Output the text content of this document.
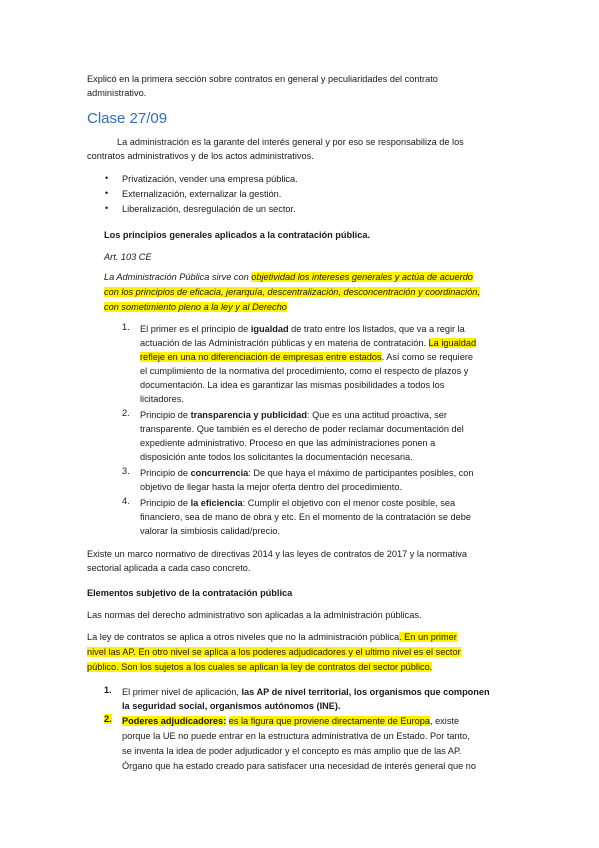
Explicó en la primera sección sobre contratos en general y peculiaridades del contrato
administrativo.
Clase 27/09
La administración es la garante del interés general y por eso se responsabiliza de los
contratos administrativos y de los actos administrativos.
• Privatización, vender una empresa pública.
• Externalización, externalizar la gestión.
• Liberalización, desregulación de un sector.
Los principios generales aplicados a la contratación pública.
Art. 103 CE
La Administración Pública sirve con objetividad los intereses generales y actúa de acuerdo
con los principios de eficacia, jerarquía, descentralización, desconcentración y coordinación,
con sometimiento pleno a la ley y al Derecho
1. El primer es el principio de igualdad de trato entre los listados, que va a regir la
actuación de las Administración públicas y en materia de contratación. La igualdad
refleje en una no diferenciación de empresas entre estados. Así como se requiere
el cumplimiento de la normativa del procedimiento, como el respecto de plazos y
documentación. La idea es garantizar las mismas posibilidades a todos los
licitadores.
2. Principio de transparencia y publicidad: Que es una actitud proactiva, ser
transparente. Que también es el derecho de poder reclamar documentación del
expediente administrativo. Proceso en que las administraciones ponen a
disposición ante todos los solicitantes la documentación necesaria.
3. Principio de concurrencia: De que haya el máximo de participantes posibles, con
objetivo de llegar hasta la mejor oferta dentro del procedimiento.
4. Principio de la eficiencia: Cumplir el objetivo con el menor coste posible, sea
financiero, sea de mano de obra y etc. En el momento de la contratación se debe
valorar la simbiosis calidad/precio.
Existe un marco normativo de directivas 2014 y las leyes de contratos de 2017 y la normativa
sectorial aplicada a cada caso concreto.
Elementos subjetivo de la contratación pública
Las normas del derecho administrativo son aplicadas a la administración públicas.
La ley de contratos se aplica a otros niveles que no la administración pública. En un primer
nivel las AP. En otro nivel se aplica a los poderes adjudicadores y el ultimo nivel es el sector
público. Son los sujetos a los cuales se aplican la ley de contratos del sector público.
1. El primer nivel de aplicación, las AP de nivel territorial, los organismos que componen
la seguridad social, organismos autónomos (INE).
2. Poderes adjudicadores: es la figura que proviene directamente de Europa, existe
porque la UE no puede entrar en la estructura administrativa de un Estado. Por tanto,
se inventa la idea de poder adjudicador y el concepto es más amplio que de las AP.
Órgano que ha estado creado para satisfacer una necesidad de interés general que no
